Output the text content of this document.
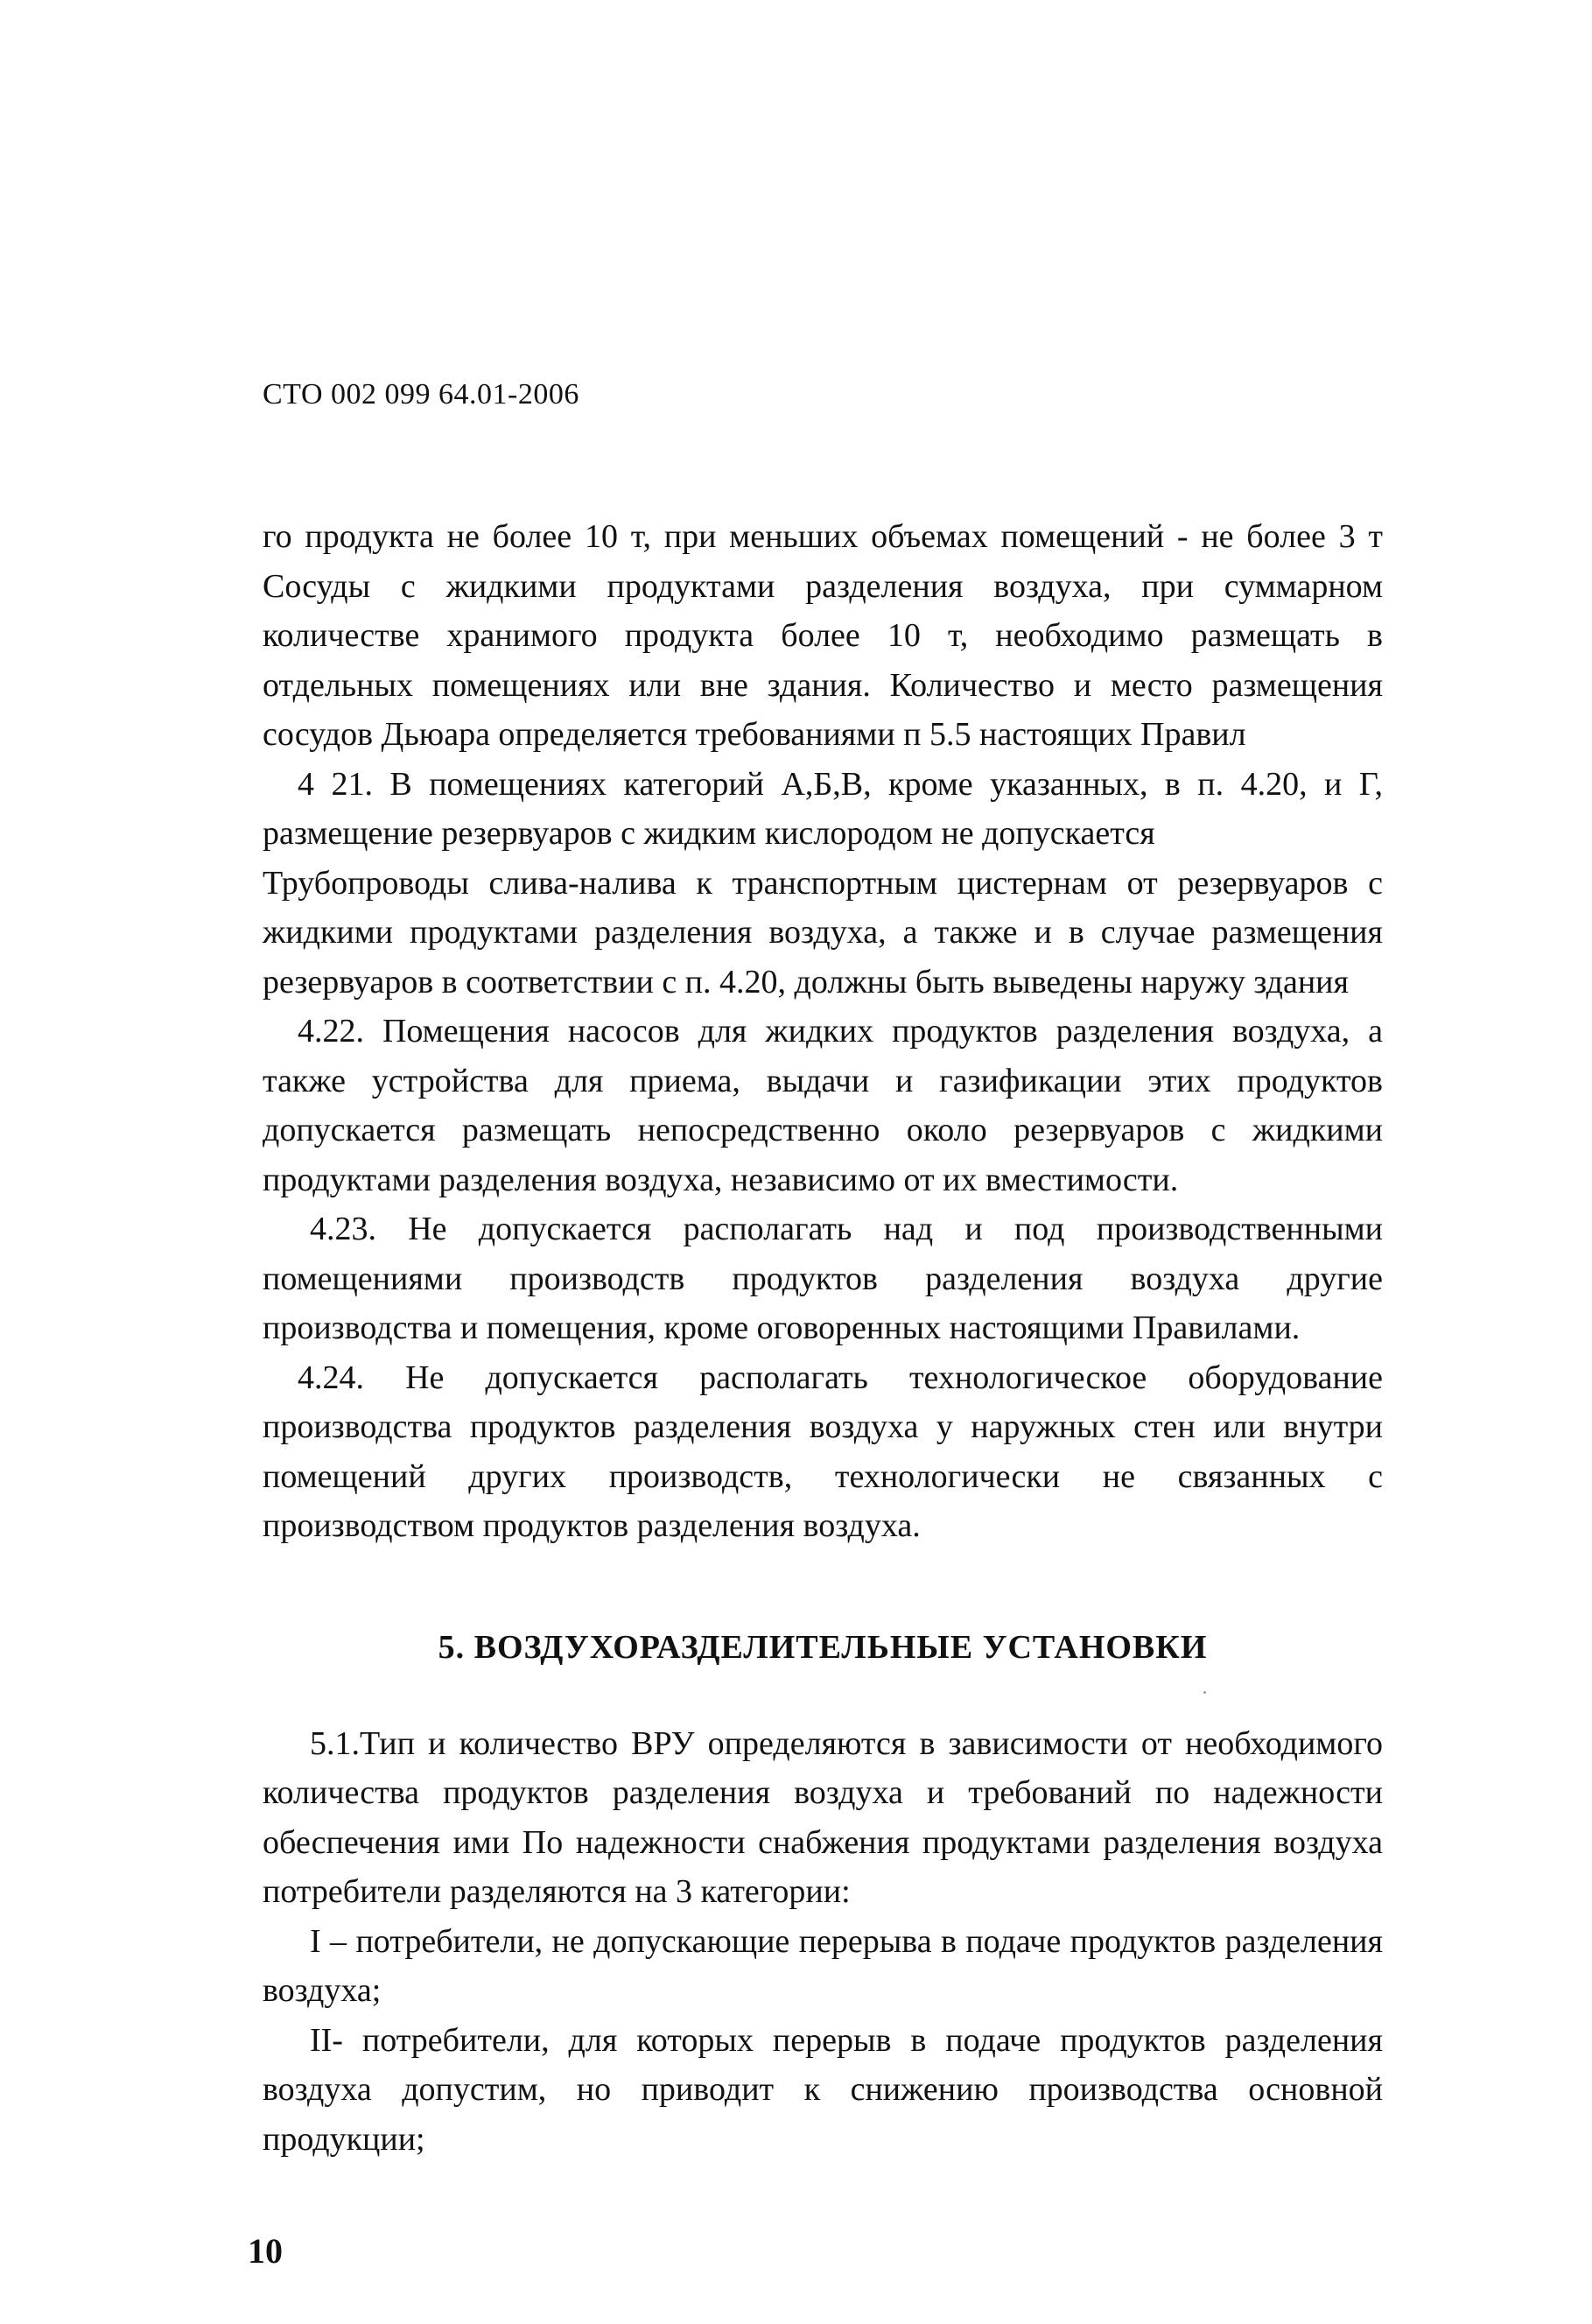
СТО 002 099 64.01-2006

го продукта не более 10 т, при меньших объемах помещений - не более 3 т Сосуды с жидкими продуктами разделения воздуха, при суммарном количестве хранимого продукта более 10 т, необходимо размещать в отдельных помещениях или вне здания. Количество и место размещения сосудов Дьюара определяется требованиями п 5.5 настоящих Правил

4 21. В помещениях категорий А,Б,В, кроме указанных, в п. 4.20, и Г, размещение резервуаров с жидким кислородом не допускается

Трубопроводы слива-налива к транспортным цистернам от резервуаров с жидкими продуктами разделения воздуха, а также и в случае размещения резервуаров в соответствии с п. 4.20, должны быть выведены наружу здания

4.22. Помещения насосов для жидких продуктов разделения воздуха, а также устройства для приема, выдачи и газификации этих продуктов допускается размещать непосредственно около резервуаров с жидкими продуктами разделения воздуха, независимо от их вместимости.

4.23. Не допускается располагать над и под производственными помещениями производств продуктов разделения воздуха другие производства и помещения, кроме оговоренных настоящими Правилами.

4.24. Не допускается располагать технологическое оборудование производства продуктов разделения воздуха у наружных стен или внутри помещений других производств, технологически не связанных с производством продуктов разделения воздуха.

5. ВОЗДУХОРАЗДЕЛИТЕЛЬНЫЕ УСТАНОВКИ

5.1.Тип и количество ВРУ определяются в зависимости от необходимого количества продуктов разделения воздуха и требований по надежности обеспечения ими По надежности снабжения продуктами разделения воздуха потребители разделяются на 3 категории:

I – потребители, не допускающие перерыва в подаче продуктов разделения воздуха;

II- потребители, для которых перерыв в подаче продуктов разделения воздуха допустим, но приводит к снижению производства основной продукции;

10
